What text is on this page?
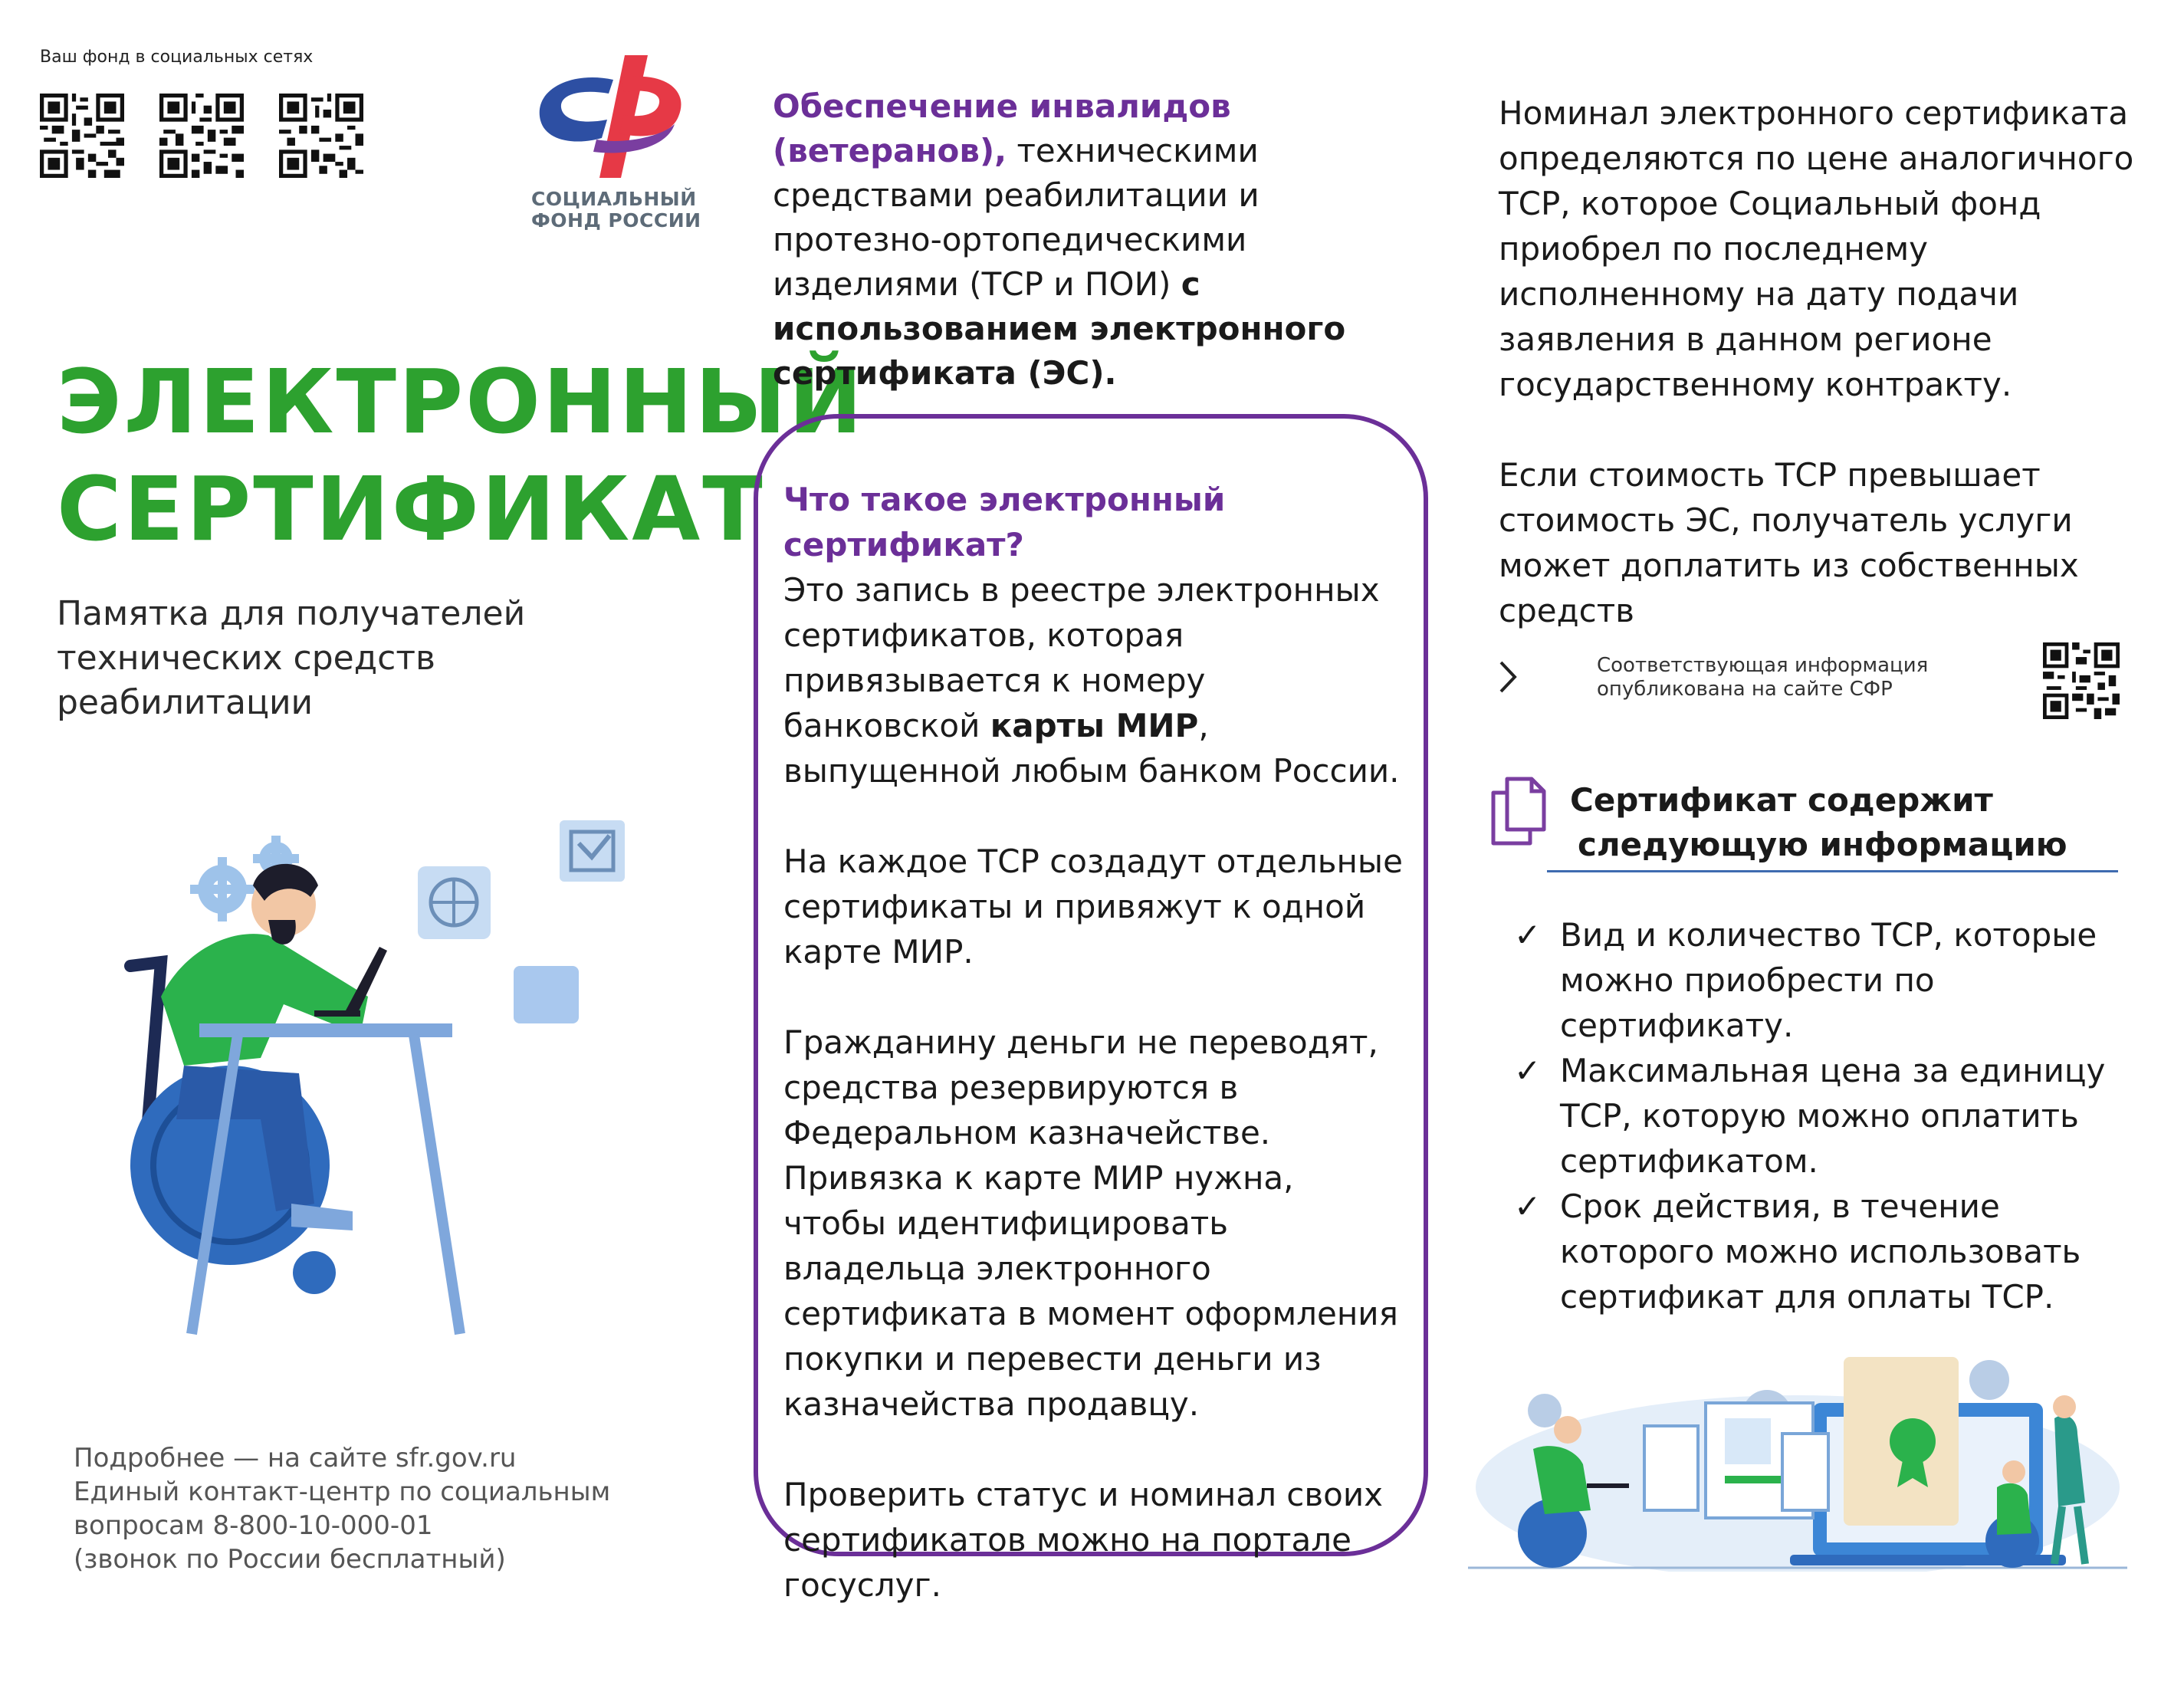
Ваш фонд в социальных сетях
СОЦИАЛЬНЫЙ
ФОНД РОССИИ
ЭЛЕКТРОННЫЙ
СЕРТИФИКАТ
Памятка для получателей
технических средств
реабилитации
Подробнее — на сайте sfr.gov.ru
Единый контакт-центр по социальным
вопросам 8-800-10-000-01
(звонок по России бесплатный)
Обеспечение инвалидов (ветеранов), техническими средствами реабилитации и протезно-ортопедическими изделиями (ТСР и ПОИ) с использованием электронного сертификата (ЭС).

Что такое электронный сертификат?
Это запись в реестре электронных сертификатов, которая привязывается к номеру банковской карты МИР, выпущенной любым банком России.

На каждое ТСР создадут отдельные сертификаты и привяжут к одной карте МИР.

Гражданину деньги не переводят, средства резервируются в Федеральном казначействе. Привязка к карте МИР нужна, чтобы идентифицировать владельца электронного сертификата в момент оформления покупки и перевести деньги из казначейства продавцу.

Проверить статус и номинал своих сертификатов можно на портале госуслуг.

Номинал электронного сертификата определяются по цене аналогичного ТСР, которое Социальный фонд приобрел по последнему исполненному на дату подачи заявления в данном регионе государственному контракту.

Если стоимость ТСР превышает стоимость ЭС, получатель услуги может доплатить из собственных средств

Соответствующая информация
опубликована на сайте СФР
Сертификат содержит
следующую информацию
✓ Вид и количество ТСР, которые можно приобрести по сертификату.
✓ Максимальная цена за единицу ТСР, которую можно оплатить сертификатом.
✓ Срок действия, в течение которого можно использовать сертификат для оплаты ТСР.
